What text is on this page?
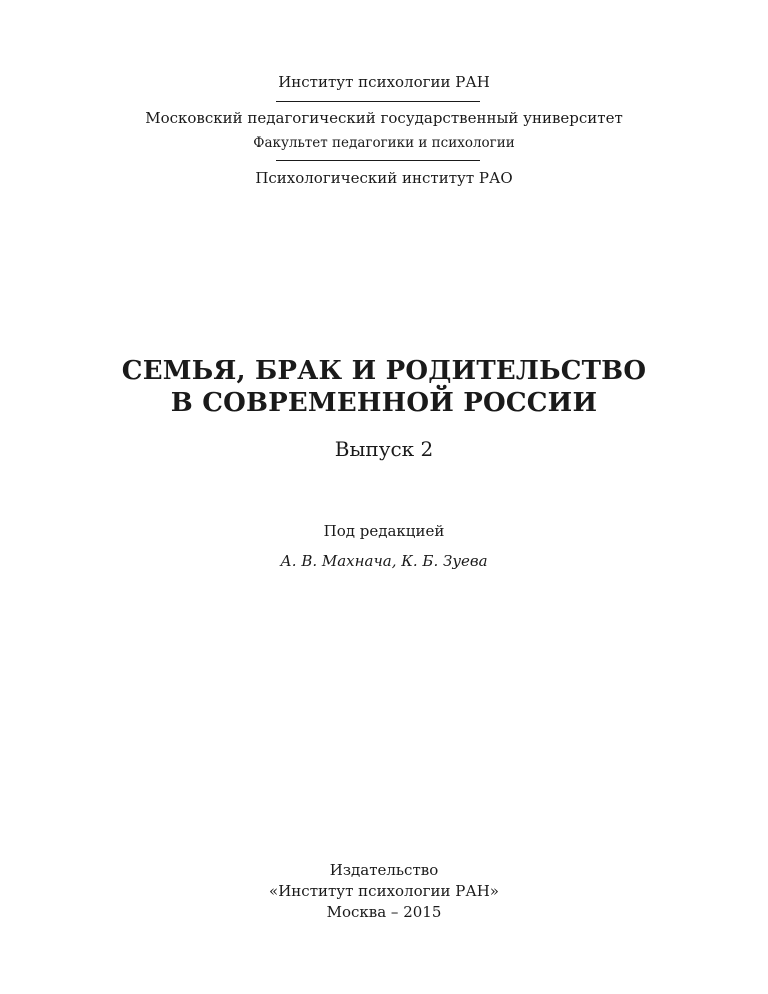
Институт психологии РАН
Московский педагогический государственный университет
Факультет педагогики и психологии
Психологический институт РАО
СЕМЬЯ, БРАК И РОДИТЕЛЬСТВО
В СОВРЕМЕННОЙ РОССИИ
Выпуск 2
Под редакцией
А. В. Махнача, К. Б. Зуева
Издательство
«Институт психологии РАН»
Москва – 2015
